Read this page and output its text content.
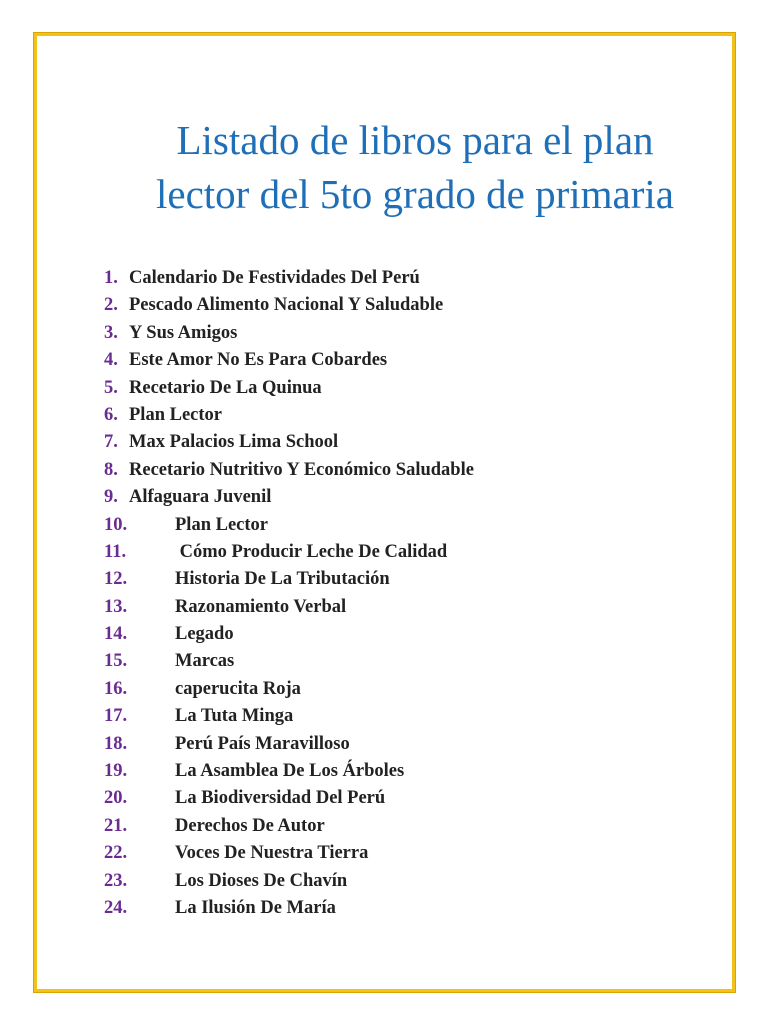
Listado de libros para el plan lector del 5to grado de primaria
1. Calendario De Festividades Del Perú
2. Pescado Alimento Nacional Y Saludable
3. Y Sus Amigos
4. Este Amor No Es Para Cobardes
5. Recetario De La Quinua
6. Plan Lector
7. Max Palacios Lima School
8. Recetario Nutritivo Y Económico Saludable
9. Alfaguara Juvenil
10.	Plan Lector
11.	Cómo Producir Leche De Calidad
12.	Historia De La Tributación
13.	Razonamiento Verbal
14.	Legado
15.	Marcas
16.	caperucita Roja
17.	La Tuta Minga
18.	Perú País Maravilloso
19.	La Asamblea De Los Árboles
20.	La Biodiversidad Del Perú
21.	Derechos De Autor
22.	Voces De Nuestra Tierra
23.	Los Dioses De Chavín
24.	La Ilusión De María
